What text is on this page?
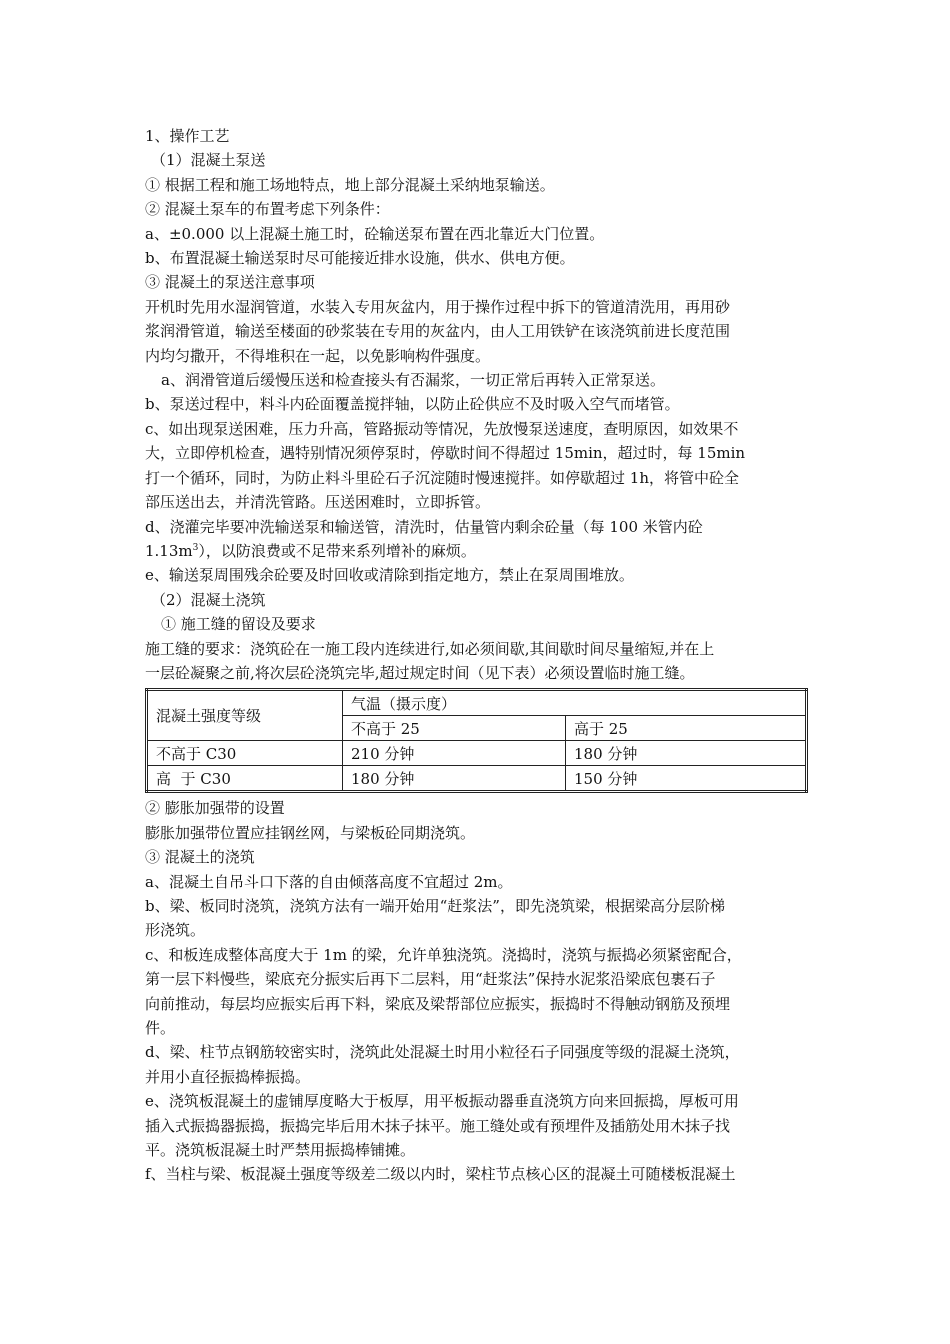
1、操作工艺

（1）混凝土泵送

① 根据工程和施工场地特点，地上部分混凝土采纳地泵输送。

② 混凝土泵车的布置考虑下列条件：

a、±0.000 以上混凝土施工时，砼输送泵布置在西北靠近大门位置。

b、布置混凝土输送泵时尽可能接近排水设施，供水、供电方便。

③ 混凝土的泵送注意事项

开机时先用水湿润管道，水装入专用灰盆内，用于操作过程中拆下的管道清洗用，再用砂

浆润滑管道，输送至楼面的砂浆装在专用的灰盆内，由人工用铁铲在该浇筑前进长度范围

内均匀撒开，不得堆积在一起，以免影响构件强度。

a、润滑管道后缓慢压送和检查接头有否漏浆，一切正常后再转入正常泵送。

b、泵送过程中，料斗内砼面覆盖搅拌轴，以防止砼供应不及时吸入空气而堵管。

c、如出现泵送困难，压力升高，管路振动等情况，先放慢泵送速度，查明原因，如效果不

大，立即停机检查，遇特别情况须停泵时，停歇时间不得超过 15min，超过时，每 15min

打一个循环，同时，为防止料斗里砼石子沉淀随时慢速搅拌。如停歇超过 1h，将管中砼全

部压送出去，并清洗管路。压送困难时，立即拆管。

d、浇灌完毕要冲洗输送泵和输送管，清洗时，估量管内剩余砼量（每 100 米管内砼

$1.13m^3$），以防浪费或不足带来系列增补的麻烦。

e、输送泵周围残余砼要及时回收或清除到指定地方，禁止在泵周围堆放。

（2）混凝土浇筑

① 施工缝的留设及要求

施工缝的要求：浇筑砼在一施工段内连续进行,如必须间歇,其间歇时间尽量缩短,并在上

一层砼凝聚之前,将次层砼浇筑完毕,超过规定时间（见下表）必须设置临时施工缝。

混凝土强度等级	气温（摄示度）	
	不高于 25	高于 25
不高于 C30	210 分钟	180 分钟
高  于 C30	180 分钟	150 分钟

② 膨胀加强带的设置

膨胀加强带位置应挂钢丝网，与梁板砼同期浇筑。

③ 混凝土的浇筑

a、混凝土自吊斗口下落的自由倾落高度不宜超过 2m。

b、梁、板同时浇筑，浇筑方法有一端开始用“赶浆法”，即先浇筑梁，根据梁高分层阶梯

形浇筑。

c、和板连成整体高度大于 1m 的梁，允许单独浇筑。浇捣时，浇筑与振捣必须紧密配合，

第一层下料慢些，梁底充分振实后再下二层料，用“赶浆法”保持水泥浆沿梁底包裹石子

向前推动，每层均应振实后再下料，梁底及梁帮部位应振实，振捣时不得触动钢筋及预埋

件。

d、梁、柱节点钢筋较密实时，浇筑此处混凝土时用小粒径石子同强度等级的混凝土浇筑，

并用小直径振捣棒振捣。

e、浇筑板混凝土的虚铺厚度略大于板厚，用平板振动器垂直浇筑方向来回振捣，厚板可用

插入式振捣器振捣，振捣完毕后用木抹子抹平。施工缝处或有预埋件及插筋处用木抹子找

平。浇筑板混凝土时严禁用振捣棒铺摊。

f、当柱与梁、板混凝土强度等级差二级以内时，梁柱节点核心区的混凝土可随楼板混凝土
